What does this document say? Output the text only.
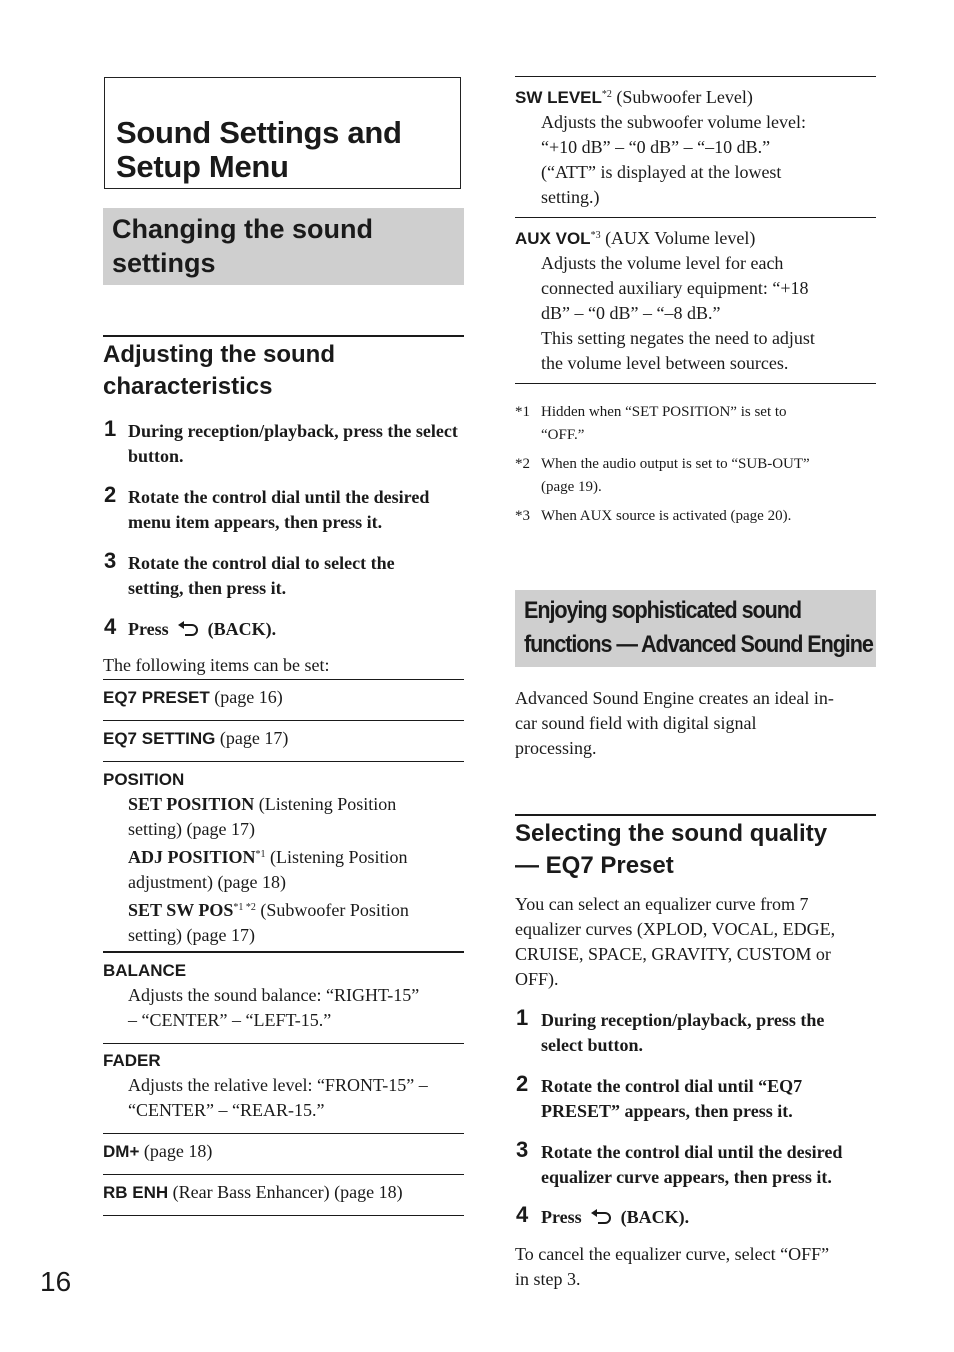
Sound Settings and Setup Menu
Changing the sound settings
Adjusting the sound characteristics
1 During reception/playback, press the select button.
2 Rotate the control dial until the desired menu item appears, then press it.
3 Rotate the control dial to select the setting, then press it.
4 Press (BACK).
The following items can be set:
EQ7 PRESET (page 16)
EQ7 SETTING (page 17)
POSITION
SET POSITION (Listening Position
setting) (page 17)
ADJ POSITION$^{*1}$ (Listening Position
adjustment) (page 18)
SET SW $POS^{*1 *2}$ (Subwoofer Position
setting) (page 17)
BALANCE
Adjusts the sound balance: “RIGHT-15”
– “CENTER” – “LEFT-15.”
FADER
Adjusts the relative level: “FRONT-15” –
“CENTER” – “REAR-15.”
DM+ (page 18)
RB ENH (Rear Bass Enhancer) (page 18)
16
SW LEVEL$^{*2}$ (Subwoofer Level)
Adjusts the subwoofer volume level:
“+10 dB” – “0 dB” – “–10 dB.”
(“ATT” is displayed at the lowest
setting.)
AUX VOL$^{*3}$ (AUX Volume level)
Adjusts the volume level for each
connected auxiliary equipment: “+18
dB” – “0 dB” – “–8 dB.”
This setting negates the need to adjust
the volume level between sources.
*1 Hidden when “SET POSITION” is set to
“OFF.”
*2 When the audio output is set to “SUB-OUT”
(page 19).
*3 When AUX source is activated (page 20).
Enjoying sophisticated sound
functions — Advanced Sound Engine
Advanced Sound Engine creates an ideal in-
car sound field with digital signal
processing.
Selecting the sound quality
— EQ7 Preset
You can select an equalizer curve from 7
equalizer curves (XPLOD, VOCAL, EDGE,
CRUISE, SPACE, GRAVITY, CUSTOM or
OFF).
1 During reception/playback, press the
select button.
2 Rotate the control dial until “EQ7
PRESET” appears, then press it.
3 Rotate the control dial until the desired
equalizer curve appears, then press it.
4 Press (BACK).
To cancel the equalizer curve, select “OFF”
in step 3.
